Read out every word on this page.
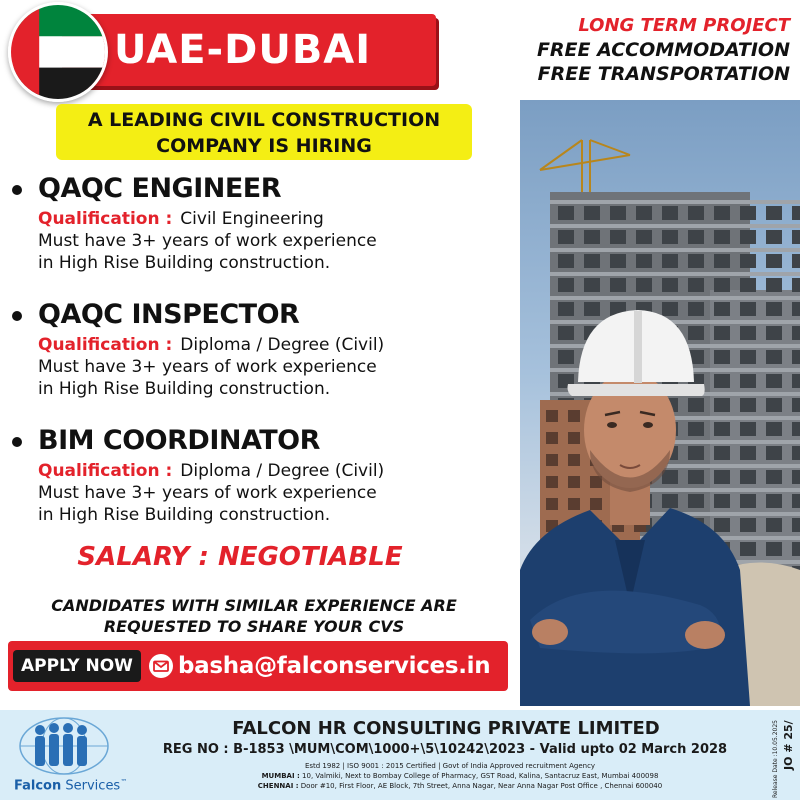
UAE-DUBAI
LONG TERM PROJECT
FREE ACCOMMODATION
FREE TRANSPORTATION
A LEADING CIVIL CONSTRUCTION
COMPANY IS HIRING
QAQC ENGINEER
Qualification : Civil Engineering
Must have 3+ years of work experience
in High Rise Building construction.
QAQC INSPECTOR
Qualification : Diploma / Degree (Civil)
Must have 3+ years of work experience
in High Rise Building construction.
BIM COORDINATOR
Qualification : Diploma / Degree (Civil)
Must have 3+ years of work experience
in High Rise Building construction.
SALARY : NEGOTIABLE
CANDIDATES WITH SIMILAR EXPERIENCE ARE
REQUESTED TO SHARE YOUR CVS
APPLY NOW	basha@falconservices.in
Falcon Services™
FALCON HR CONSULTING PRIVATE LIMITED
REG NO : B-1853 \MUM\COM\1000+\5\10242\2023 - Valid upto 02 March 2028
Estd 1982 | ISO 9001 : 2015 Certified | Govt of India Approved recruitment Agency
MUMBAI : 10, Valmiki, Next to Bombay College of Pharmacy, GST Road, Kalina, Santacruz East, Mumbai 400098
CHENNAI : Door #10, First Floor, AE Block, 7th Street, Anna Nagar, Near Anna Nagar Post Office , Chennai 600040
JO # 25/
Release Date :10.05.2025
